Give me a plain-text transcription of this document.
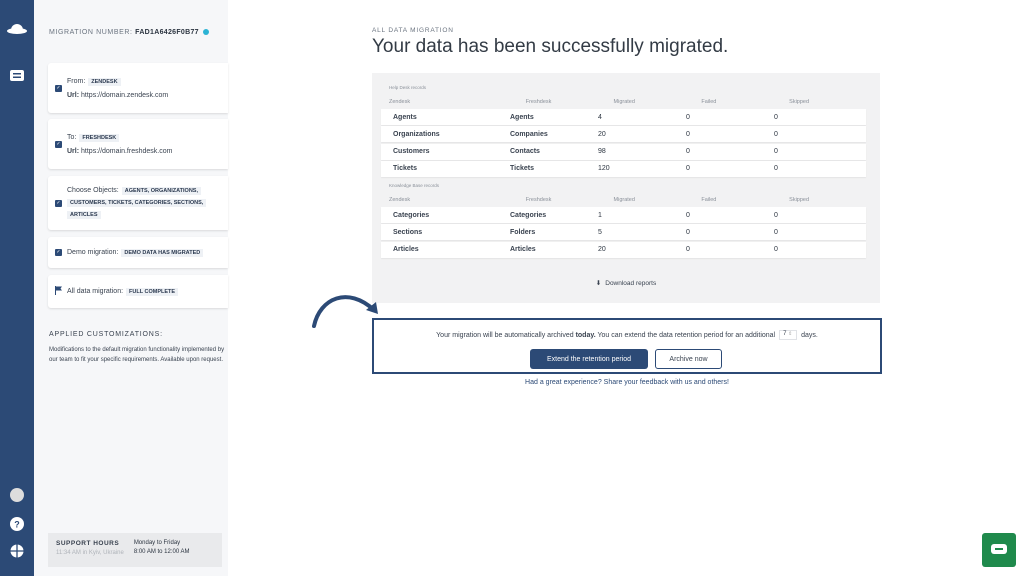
?
MIGRATION NUMBER: FAD1A6426F0B77
✓
From: ZENDESK
Url: https://domain.zendesk.com
✓
To: FRESHDESK
Url: https://domain.freshdesk.com
✓
Choose Objects: AGENTS, ORGANIZATIONS,
CUSTOMERS, TICKETS, CATEGORIES, SECTIONS,
ARTICLES
✓ Demo migration:	DEMO DATA HAS MIGRATED
All data migration:	FULL COMPLETE
APPLIED CUSTOMIZATIONS:
Modifications to the default migration functionality implemented by our team to fit your specific requirements. Available upon request.
SUPPORT HOURS
11:34 AM in Kyiv, Ukraine
Monday to Friday
8:00 AM to 12:00 AM
ALL DATA MIGRATION
Your data has been successfully migrated.
Help Desk records
Zendesk	Freshdesk	Migrated	Failed	Skipped
Agents	Agents	4	0	0
Organizations	Companies	20	0	0
Customers	Contacts	98	0	0
Tickets	Tickets	120	0	0
Knowledge Base records
Zendesk	Freshdesk	Migrated	Failed	Skipped
Categories	Categories	1	0	0
Sections	Folders	5	0	0
Articles	Articles	20	0	0
⬇ Download reports
Your migration will be automatically archived today. You can extend the data retention period for an additional 7 ⇕ days.
Extend the retention period	Archive now
Had a great experience? Share your feedback with us and others!
